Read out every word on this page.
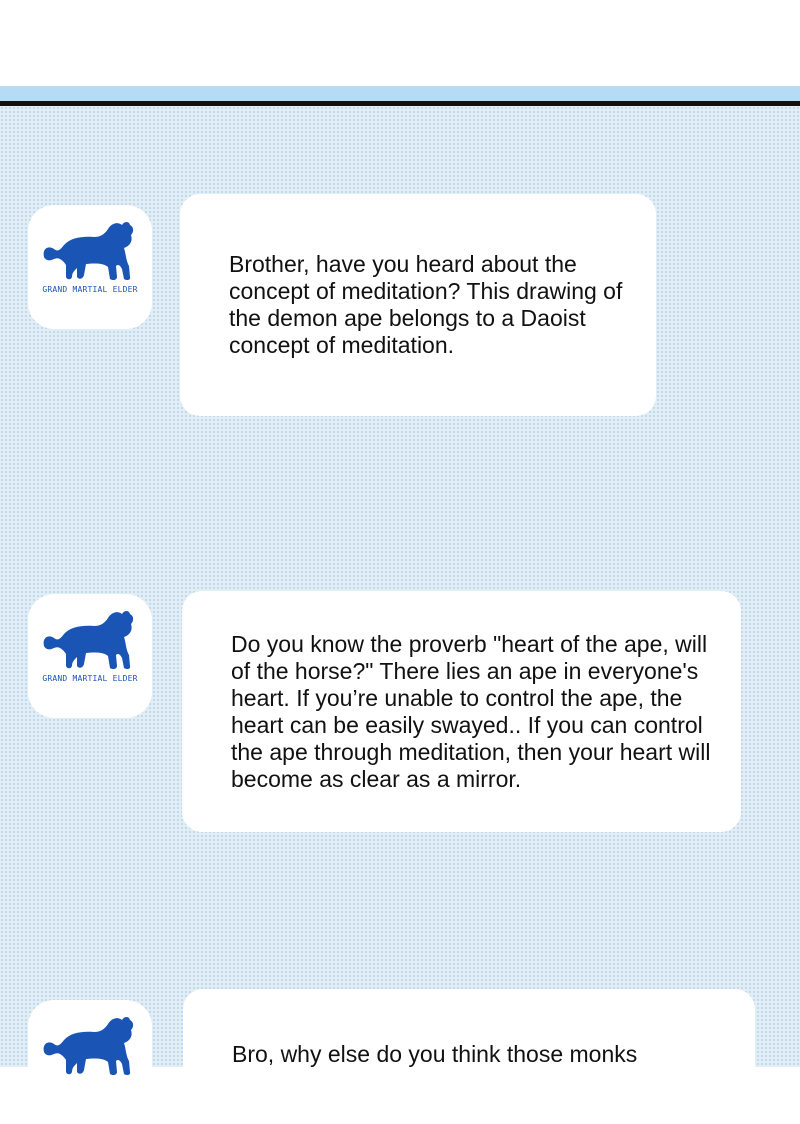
GRAND MARTIAL ELDER
Brother, have you heard about the concept of meditation? This drawing of the demon ape belongs to a Daoist concept of meditation.
GRAND MARTIAL ELDER
Do you know the proverb "heart of the ape, will of the horse?" There lies an ape in everyone's heart. If you’re unable to control the ape, the heart can be easily swayed.. If you can control the ape through meditation, then your heart will become as clear as a mirror.
Bro, why else do you think those monks
